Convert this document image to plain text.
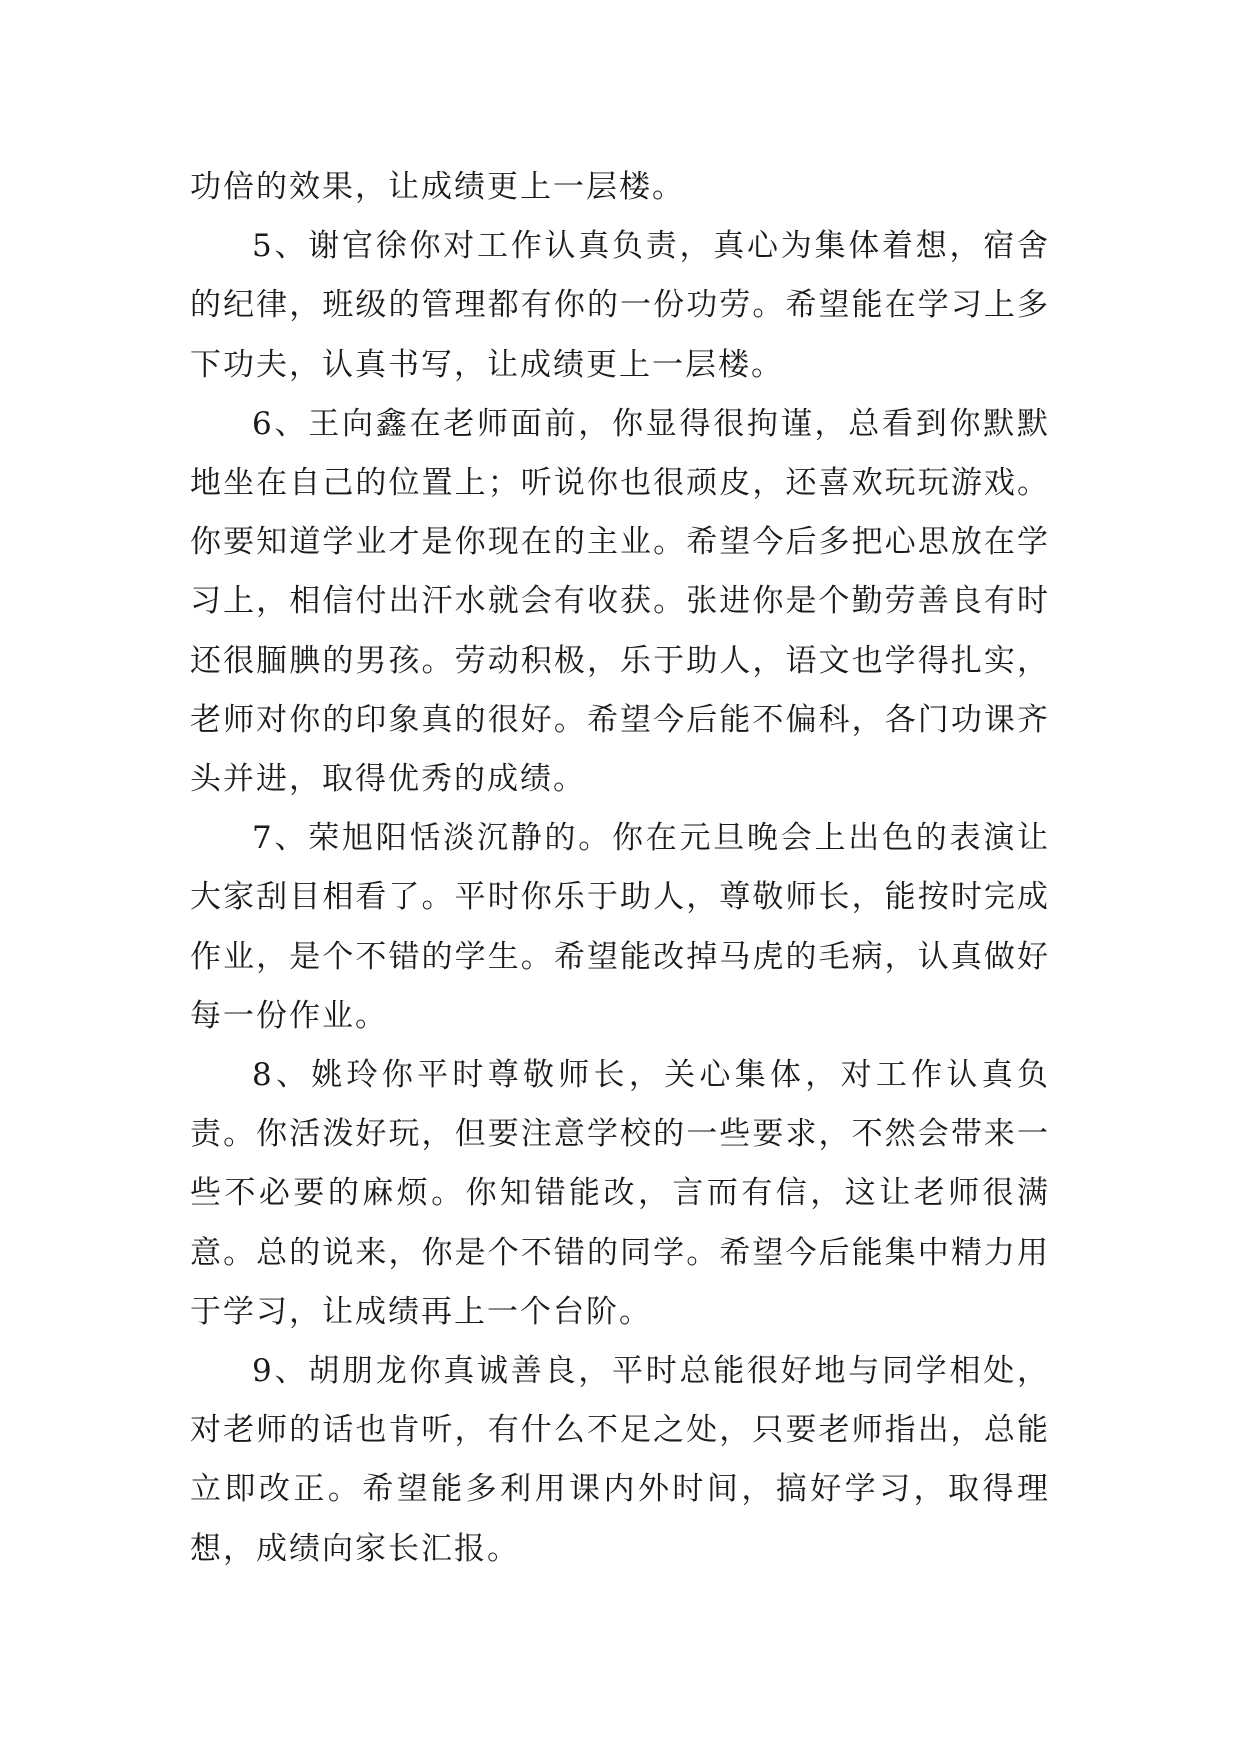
功倍的效果，让成绩更上一层楼。

5、谢官徐你对工作认真负责，真心为集体着想，宿舍的纪律，班级的管理都有你的一份功劳。希望能在学习上多下功夫，认真书写，让成绩更上一层楼。

6、王向鑫在老师面前，你显得很拘谨，总看到你默默地坐在自己的位置上；听说你也很顽皮，还喜欢玩玩游戏。你要知道学业才是你现在的主业。希望今后多把心思放在学习上，相信付出汗水就会有收获。张进你是个勤劳善良有时还很腼腆的男孩。劳动积极，乐于助人，语文也学得扎实，老师对你的印象真的很好。希望今后能不偏科，各门功课齐头并进，取得优秀的成绩。

7、荣旭阳恬淡沉静的。你在元旦晚会上出色的表演让大家刮目相看了。平时你乐于助人，尊敬师长，能按时完成作业，是个不错的学生。希望能改掉马虎的毛病，认真做好每一份作业。

8、姚玲你平时尊敬师长，关心集体，对工作认真负责。你活泼好玩，但要注意学校的一些要求，不然会带来一些不必要的麻烦。你知错能改，言而有信，这让老师很满意。总的说来，你是个不错的同学。希望今后能集中精力用于学习，让成绩再上一个台阶。

9、胡朋龙你真诚善良，平时总能很好地与同学相处，对老师的话也肯听，有什么不足之处，只要老师指出，总能立即改正。希望能多利用课内外时间，搞好学习，取得理想，成绩向家长汇报。
